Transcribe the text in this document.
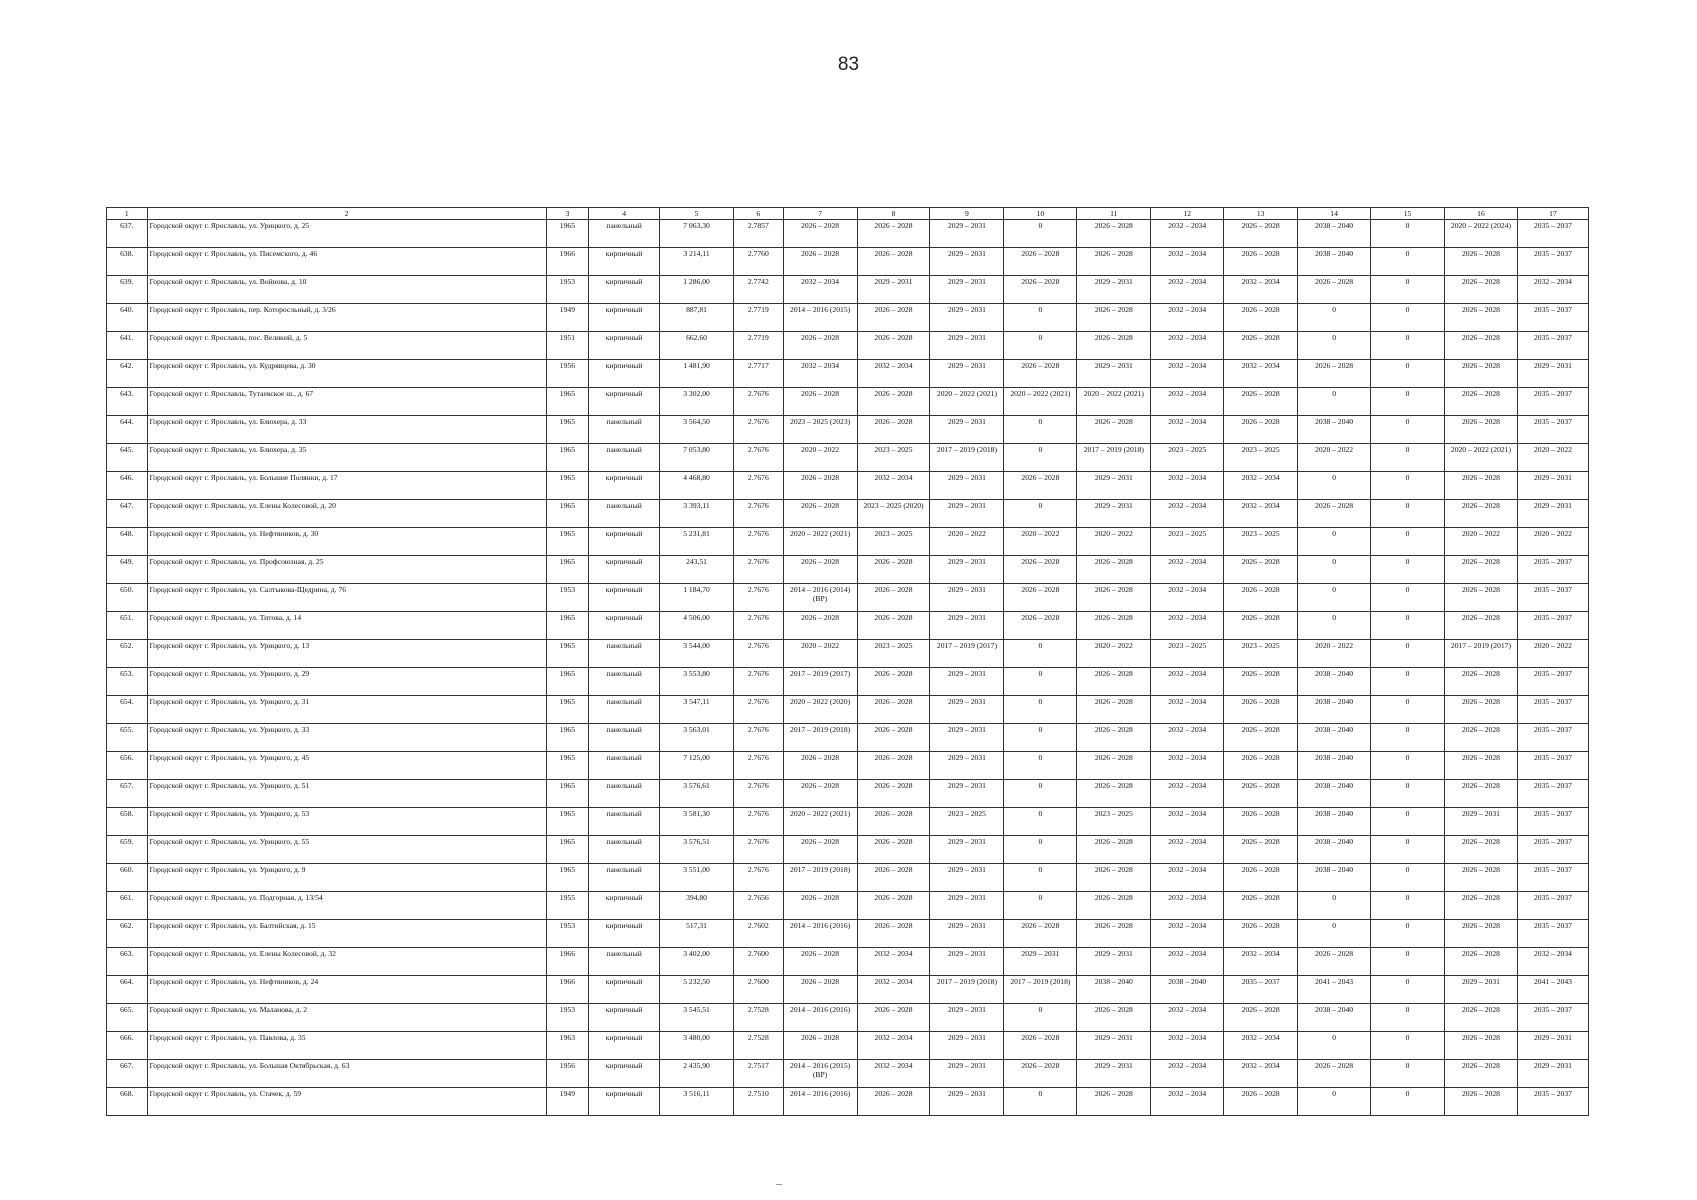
83
1	2	3	4	5	6	7	8	9	10	11	12	13	14	15	16	17
637.	Городской округ г. Ярославль, ул. Урицкого, д. 25	1965	панельный	7 063,30	2.7857	2026 – 2028	2026 – 2028	2029 – 2031	0	2026 – 2028	2032 – 2034	2026 – 2028	2038 – 2040	0	2020 – 2022 (2024)	2035 – 2037
638.	Городской округ г. Ярославль, ул. Писемского, д. 46	1966	кирпичный	3 214,11	2.7760	2026 – 2028	2026 – 2028	2029 – 2031	2026 – 2028	2026 – 2028	2032 – 2034	2026 – 2028	2038 – 2040	0	2026 – 2028	2035 – 2037
639.	Городской округ г. Ярославль, ул. Войнова, д. 10	1953	кирпичный	1 286,00	2.7742	2032 – 2034	2029 – 2031	2029 – 2031	2026 – 2028	2029 – 2031	2032 – 2034	2032 – 2034	2026 – 2028	0	2026 – 2028	2032 – 2034
640.	Городской округ г. Ярославль, пер. Которосльный, д. 3/26	1949	кирпичный	887,81	2.7719	2014 – 2016 (2015)	2026 – 2028	2029 – 2031	0	2026 – 2028	2032 – 2034	2026 – 2028	0	0	2026 – 2028	2035 – 2037
641.	Городской округ г. Ярославль, пос. Великий, д. 5	1951	кирпичный	662,60	2.7719	2026 – 2028	2026 – 2028	2029 – 2031	0	2026 – 2028	2032 – 2034	2026 – 2028	0	0	2026 – 2028	2035 – 2037
642.	Городской округ г. Ярославль, ул. Кудрявцева, д. 30	1956	кирпичный	1 481,90	2.7717	2032 – 2034	2032 – 2034	2029 – 2031	2026 – 2028	2029 – 2031	2032 – 2034	2032 – 2034	2026 – 2028	0	2026 – 2028	2029 – 2031
643.	Городской округ г. Ярославль, Тутаевское ш., д. 67	1965	кирпичный	3 302,00	2.7676	2026 – 2028	2026 – 2028	2020 – 2022 (2021)	2020 – 2022 (2021)	2020 – 2022 (2021)	2032 – 2034	2026 – 2028	0	0	2026 – 2028	2035 – 2037
644.	Городской округ г. Ярославль, ул. Блюхера, д. 33	1965	панельный	3 564,50	2.7676	2023 – 2025 (2023)	2026 – 2028	2029 – 2031	0	2026 – 2028	2032 – 2034	2026 – 2028	2038 – 2040	0	2026 – 2028	2035 – 2037
645.	Городской округ г. Ярославль, ул. Блюхера, д. 35	1965	панельный	7 053,80	2.7676	2020 – 2022	2023 – 2025	2017 – 2019 (2018)	0	2017 – 2019 (2018)	2023 – 2025	2023 – 2025	2020 – 2022	0	2020 – 2022 (2021)	2020 – 2022
646.	Городской округ г. Ярославль, ул. Большие Полянки, д. 17	1965	кирпичный	4 468,80	2.7676	2026 – 2028	2032 – 2034	2029 – 2031	2026 – 2028	2029 – 2031	2032 – 2034	2032 – 2034	0	0	2026 – 2028	2029 – 2031
647.	Городской округ г. Ярославль, ул. Елены Колесовой, д. 20	1965	панельный	3 393,11	2.7676	2026 – 2028	2023 – 2025 (2020)	2029 – 2031	0	2029 – 2031	2032 – 2034	2032 – 2034	2026 – 2028	0	2026 – 2028	2029 – 2031
648.	Городской округ г. Ярославль, ул. Нефтяников, д. 30	1965	кирпичный	5 231,81	2.7676	2020 – 2022 (2021)	2023 – 2025	2020 – 2022	2020 – 2022	2020 – 2022	2023 – 2025	2023 – 2025	0	0	2020 – 2022	2020 – 2022
649.	Городской округ г. Ярославль, ул. Профсоюзная, д. 25	1965	кирпичный	243,51	2.7676	2026 – 2028	2026 – 2028	2029 – 2031	2026 – 2028	2026 – 2028	2032 – 2034	2026 – 2028	0	0	2026 – 2028	2035 – 2037
650.	Городской округ г. Ярославль, ул. Салтыкова-Щедрина, д. 76	1953	кирпичный	1 184,70	2.7676	2014 – 2016 (2014) (ВР)	2026 – 2028	2029 – 2031	2026 – 2028	2026 – 2028	2032 – 2034	2026 – 2028	0	0	2026 – 2028	2035 – 2037
651.	Городской округ г. Ярославль, ул. Титова, д. 14	1965	кирпичный	4 506,00	2.7676	2026 – 2028	2026 – 2028	2029 – 2031	2026 – 2028	2026 – 2028	2032 – 2034	2026 – 2028	0	0	2026 – 2028	2035 – 2037
652.	Городской округ г. Ярославль, ул. Урицкого, д. 13	1965	панельный	3 544,00	2.7676	2020 – 2022	2023 – 2025	2017 – 2019 (2017)	0	2020 – 2022	2023 – 2025	2023 – 2025	2020 – 2022	0	2017 – 2019 (2017)	2020 – 2022
653.	Городской округ г. Ярославль, ул. Урицкого, д. 29	1965	панельный	3 553,80	2.7676	2017 – 2019 (2017)	2026 – 2028	2029 – 2031	0	2026 – 2028	2032 – 2034	2026 – 2028	2038 – 2040	0	2026 – 2028	2035 – 2037
654.	Городской округ г. Ярославль, ул. Урицкого, д. 31	1965	панельный	3 547,11	2.7676	2020 – 2022 (2020)	2026 – 2028	2029 – 2031	0	2026 – 2028	2032 – 2034	2026 – 2028	2038 – 2040	0	2026 – 2028	2035 – 2037
655.	Городской округ г. Ярославль, ул. Урицкого, д. 33	1965	панельный	3 563,01	2.7676	2017 – 2019 (2018)	2026 – 2028	2029 – 2031	0	2026 – 2028	2032 – 2034	2026 – 2028	2038 – 2040	0	2026 – 2028	2035 – 2037
656.	Городской округ г. Ярославль, ул. Урицкого, д. 45	1965	панельный	7 125,00	2.7676	2026 – 2028	2026 – 2028	2029 – 2031	0	2026 – 2028	2032 – 2034	2026 – 2028	2038 – 2040	0	2026 – 2028	2035 – 2037
657.	Городской округ г. Ярославль, ул. Урицкого, д. 51	1965	панельный	3 576,61	2.7676	2026 – 2028	2026 – 2028	2029 – 2031	0	2026 – 2028	2032 – 2034	2026 – 2028	2038 – 2040	0	2026 – 2028	2035 – 2037
658.	Городской округ г. Ярославль, ул. Урицкого, д. 53	1965	панельный	3 581,30	2.7676	2020 – 2022 (2021)	2026 – 2028	2023 – 2025	0	2023 – 2025	2032 – 2034	2026 – 2028	2038 – 2040	0	2029 – 2031	2035 – 2037
659.	Городской округ г. Ярославль, ул. Урицкого, д. 55	1965	панельный	3 576,51	2.7676	2026 – 2028	2026 – 2028	2029 – 2031	0	2026 – 2028	2032 – 2034	2026 – 2028	2038 – 2040	0	2026 – 2028	2035 – 2037
660.	Городской округ г. Ярославль, ул. Урицкого, д. 9	1965	панельный	3 551,00	2.7676	2017 – 2019 (2018)	2026 – 2028	2029 – 2031	0	2026 – 2028	2032 – 2034	2026 – 2028	2038 – 2040	0	2026 – 2028	2035 – 2037
661.	Городской округ г. Ярославль, ул. Подгорная, д. 13/54	1955	кирпичный	394,80	2.7656	2026 – 2028	2026 – 2028	2029 – 2031	0	2026 – 2028	2032 – 2034	2026 – 2028	0	0	2026 – 2028	2035 – 2037
662.	Городской округ г. Ярославль, ул. Балтийская, д. 15	1953	кирпичный	517,31	2.7602	2014 – 2016 (2016)	2026 – 2028	2029 – 2031	2026 – 2028	2026 – 2028	2032 – 2034	2026 – 2028	0	0	2026 – 2028	2035 – 2037
663.	Городской округ г. Ярославль, ул. Елены Колесовой, д. 32	1966	панельный	3 402,00	2.7600	2026 – 2028	2032 – 2034	2029 – 2031	2029 – 2031	2029 – 2031	2032 – 2034	2032 – 2034	2026 – 2028	0	2026 – 2028	2032 – 2034
664.	Городской округ г. Ярославль, ул. Нефтяников, д. 24	1966	кирпичный	5 232,50	2.7600	2026 – 2028	2032 – 2034	2017 – 2019 (2018)	2017 – 2019 (2018)	2038 – 2040	2038 – 2040	2035 – 2037	2041 – 2043	0	2029 – 2031	2041 – 2043
665.	Городской округ г. Ярославль, ул. Маланова, д. 2	1953	кирпичный	3 545,51	2.7528	2014 – 2016 (2016)	2026 – 2028	2029 – 2031	0	2026 – 2028	2032 – 2034	2026 – 2028	2038 – 2040	0	2026 – 2028	2035 – 2037
666.	Городской округ г. Ярославль, ул. Павлова, д. 35	1963	кирпичный	3 480,00	2.7528	2026 – 2028	2032 – 2034	2029 – 2031	2026 – 2028	2029 – 2031	2032 – 2034	2032 – 2034	0	0	2026 – 2028	2029 – 2031
667.	Городской округ г. Ярославль, ул. Большая Октябрьская, д. 63	1956	кирпичный	2 435,90	2.7517	2014 – 2016 (2015) (ВР)	2032 – 2034	2029 – 2031	2026 – 2028	2029 – 2031	2032 – 2034	2032 – 2034	2026 – 2028	0	2026 – 2028	2029 – 2031
668.	Городской округ г. Ярославль, ул. Стачек, д. 59	1949	кирпичный	3 516,11	2.7510	2014 – 2016 (2016)	2026 – 2028	2029 – 2031	0	2026 – 2028	2032 – 2034	2026 – 2028	0	0	2026 – 2028	2035 – 2037
